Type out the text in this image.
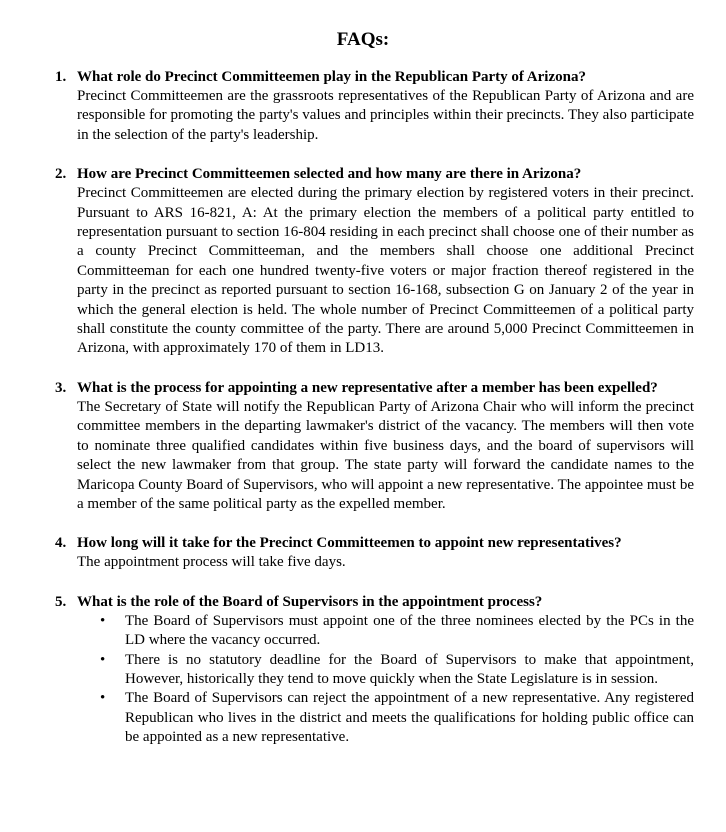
FAQs:
1. What role do Precinct Committeemen play in the Republican Party of Arizona?

Precinct Committeemen are the grassroots representatives of the Republican Party of Arizona and are responsible for promoting the party's values and principles within their precincts. They also participate in the selection of the party's leadership.

2. How are Precinct Committeemen selected and how many are there in Arizona?

Precinct Committeemen are elected during the primary election by registered voters in their precinct. Pursuant to ARS 16-821, A: At the primary election the members of a political party entitled to representation pursuant to section 16-804 residing in each precinct shall choose one of their number as a county Precinct Committeeman, and the members shall choose one additional Precinct Committeeman for each one hundred twenty-five voters or major fraction thereof registered in the party in the precinct as reported pursuant to section 16-168, subsection G on January 2 of the year in which the general election is held. The whole number of Precinct Committeemen of a political party shall constitute the county committee of the party. There are around 5,000 Precinct Committeemen in Arizona, with approximately 170 of them in LD13.

3. What is the process for appointing a new representative after a member has been expelled?

The Secretary of State will notify the Republican Party of Arizona Chair who will inform the precinct committee members in the departing lawmaker's district of the vacancy. The members will then vote to nominate three qualified candidates within five business days, and the board of supervisors will select the new lawmaker from that group. The state party will forward the candidate names to the Maricopa County Board of Supervisors, who will appoint a new representative. The appointee must be a member of the same political party as the expelled member.

4. How long will it take for the Precinct Committeemen to appoint new representatives?

The appointment process will take five days.

5. What is the role of the Board of Supervisors in the appointment process?

• The Board of Supervisors must appoint one of the three nominees elected by the PCs in the LD where the vacancy occurred.
• There is no statutory deadline for the Board of Supervisors to make that appointment, However, historically they tend to move quickly when the State Legislature is in session.
• The Board of Supervisors can reject the appointment of a new representative. Any registered Republican who lives in the district and meets the qualifications for holding public office can be appointed as a new representative.
